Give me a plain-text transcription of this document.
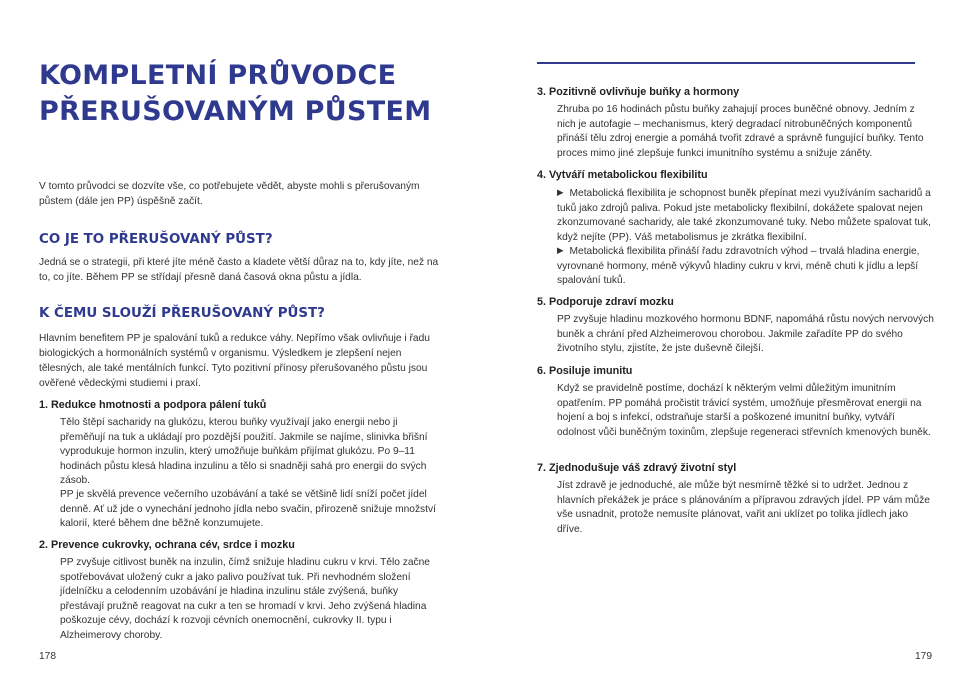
KOMPLETNÍ PRŮVODCE PŘERUŠOVANÝM PŮSTEM

V tomto průvodci se dozvíte vše, co potřebujete vědět, abyste mohli s přerušovaným půstem (dále jen PP) úspěšně začít.

CO JE TO PŘERUŠOVANÝ PŮST?

Jedná se o strategii, při které jíte méně často a kladete větší důraz na to, kdy jíte, než na to, co jíte. Během PP se střídají přesně daná časová okna půstu a jídla.

K ČEMU SLOUŽÍ PŘERUŠOVANÝ PŮST?

Hlavním benefitem PP je spalování tuků a redukce váhy. Nepřímo však ovlivňuje i řadu biologických a hormonálních systémů v organismu. Výsledkem je zlepšení nejen tělesných, ale také mentálních funkcí. Tyto pozitivní přínosy přerušovaného půstu jsou ověřené vědeckými studiemi i praxí.

1. Redukce hmotnosti a podpora pálení tuků

Tělo štěpí sacharidy na glukózu, kterou buňky využívají jako energii nebo ji přeměňují na tuk a ukládají pro pozdější použití. Jakmile se najíme, slinivka břišní vyprodukuje hormon inzulin, který umožňuje buňkám přijímat glukózu. Po 9–11 hodinách půstu klesá hladina inzulinu a tělo si snadněji sahá pro energii do svých zásob.

PP je skvělá prevence večerního uzobávání a také se většině lidí sníží počet jídel denně. Ať už jde o vynechání jednoho jídla nebo svačin, přirozeně snižuje množství kalorií, které během dne běžně konzumujete.

2. Prevence cukrovky, ochrana cév, srdce i mozku

PP zvyšuje citlivost buněk na inzulin, čímž snižuje hladinu cukru v krvi. Tělo začne spotřebovávat uložený cukr a jako palivo používat tuk. Při nevhodném složení jídelníčku a celodenním uzobávání je hladina inzulinu stále zvýšená, buňky přestávají pružně reagovat na cukr a ten se hromadí v krvi. Jeho zvýšená hladina poškozuje cévy, dochází k rozvoji cévních onemocnění, cukrovky II. typu i Alzheimerovy choroby.

178
3. Pozitivně ovlivňuje buňky a hormony

Zhruba po 16 hodinách půstu buňky zahajují proces buněčné obnovy. Jedním z nich je autofagie – mechanismus, který degradací nitrobuněčných komponentů přináší tělu zdroj energie a pomáhá tvořit zdravé a správně fungující buňky. Tento proces mimo jiné zlepšuje funkci imunitního systému a snižuje záněty.

4. Vytváří metabolickou flexibilitu

▶ Metabolická flexibilita je schopnost buněk přepínat mezi využíváním sacharidů a tuků jako zdrojů paliva. Pokud jste metabolicky flexibilní, dokážete spalovat nejen zkonzumované sacharidy, ale také zkonzumované tuky. Nebo můžete spalovat tuk, když nejíte (PP). Váš metabolismus je zkrátka flexibilní.

▶ Metabolická flexibilita přináší řadu zdravotních výhod – trvalá hladina energie, vyrovnané hormony, méně výkyvů hladiny cukru v krvi, méně chuti k jídlu a lepší spalování tuků.

5. Podporuje zdraví mozku

PP zvyšuje hladinu mozkového hormonu BDNF, napomáhá růstu nových nervových buněk a chrání před Alzheimerovou chorobou. Jakmile zařadíte PP do svého životního stylu, zjistíte, že jste duševně čilejší.

6. Posiluje imunitu

Když se pravidelně postíme, dochází k některým velmi důležitým imunitním opatřením. PP pomáhá pročistit trávicí systém, umožňuje přesměrovat energii na hojení a boj s infekcí, odstraňuje starší a poškozené imunitní buňky, vytváří odolnost vůči buněčným toxinům, zlepšuje regeneraci střevních kmenových buněk.

7. Zjednodušuje váš zdravý životní styl

Jíst zdravě je jednoduché, ale může být nesmírně těžké si to udržet. Jednou z hlavních překážek je práce s plánováním a přípravou zdravých jídel. PP vám může vše usnadnit, protože nemusíte plánovat, vařit ani uklízet po tolika jídlech jako dříve.

179
